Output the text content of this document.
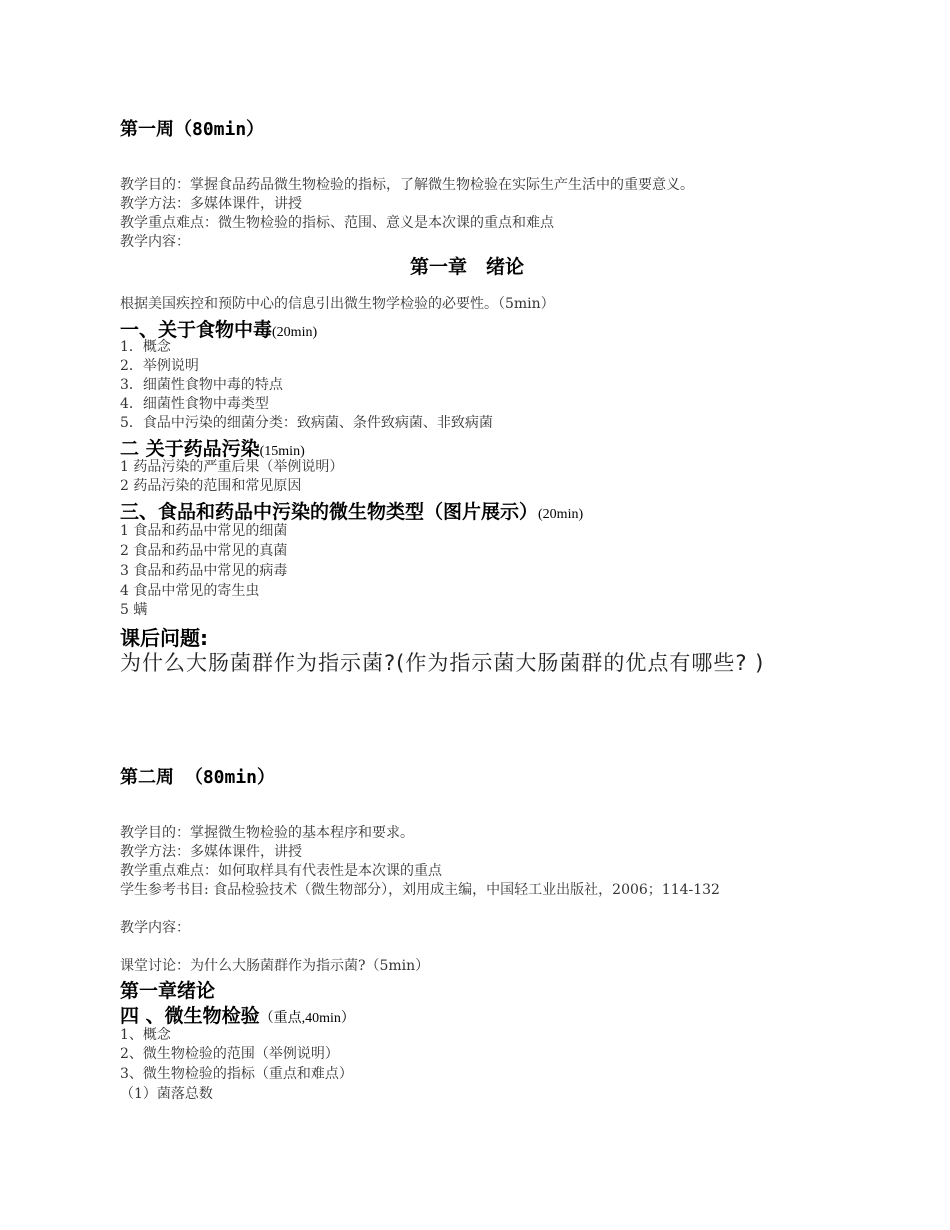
第一周（80min）
教学目的：掌握食品药品微生物检验的指标，了解微生物检验在实际生产生活中的重要意义。
教学方法：多媒体课件，讲授
教学重点难点：微生物检验的指标、范围、意义是本次课的重点和难点
教学内容：
第一章　绪论
根据美国疾控和预防中心的信息引出微生物学检验的必要性。（5min）
一、关于食物中毒(20min)
1．概念
2．举例说明
3．细菌性食物中毒的特点
4．细菌性食物中毒类型
5．食品中污染的细菌分类：致病菌、条件致病菌、非致病菌
二 关于药品污染(15min)
1 药品污染的严重后果（举例说明）
2 药品污染的范围和常见原因
三、食品和药品中污染的微生物类型（图片展示）(20min)
1 食品和药品中常见的细菌
2 食品和药品中常见的真菌
3 食品和药品中常见的病毒
4 食品中常见的寄生虫
5 螨
课后问题:
为什么大肠菌群作为指示菌?(作为指示菌大肠菌群的优点有哪些? )
第二周 （80min）
教学目的：掌握微生物检验的基本程序和要求。
教学方法：多媒体课件，讲授
教学重点难点：如何取样具有代表性是本次课的重点
学生参考书目: 食品检验技术（微生物部分），刘用成主编，中国轻工业出版社，2006；114-132
教学内容：
课堂讨论：为什么大肠菌群作为指示菌?（5min）
第一章绪论
四 、微生物检验（重点,40min）
1、概念
2、微生物检验的范围（举例说明）
3、微生物检验的指标（重点和难点）
（1）菌落总数
